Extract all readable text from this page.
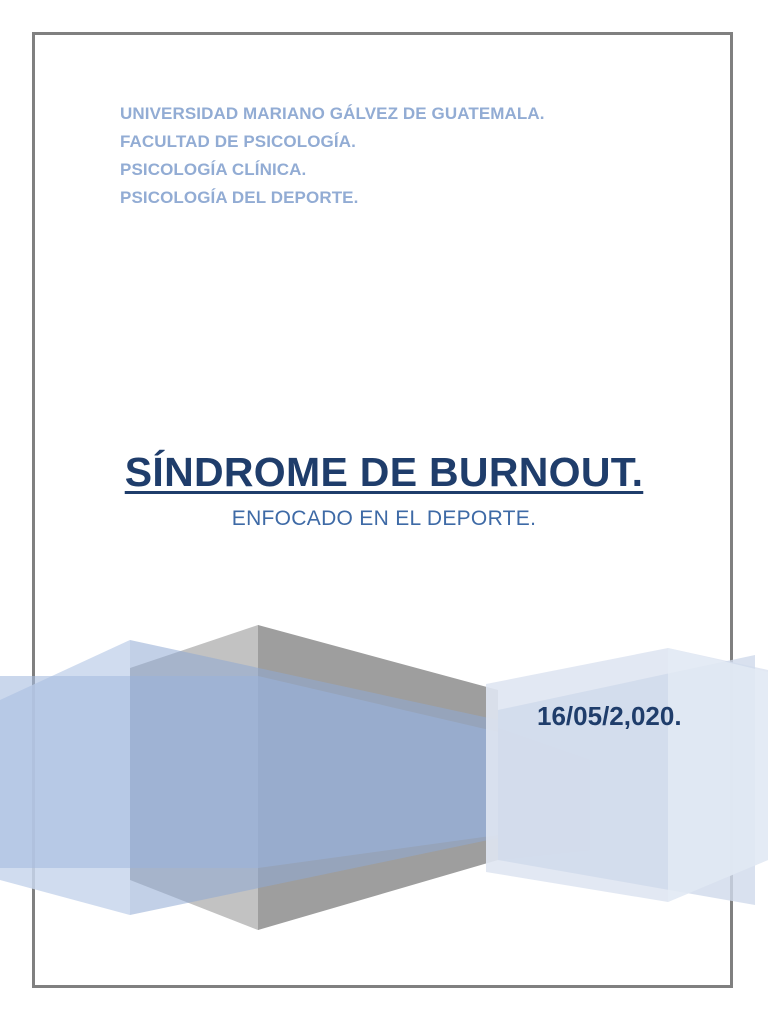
UNIVERSIDAD MARIANO GÁLVEZ DE GUATEMALA.
FACULTAD DE PSICOLOGÍA.
PSICOLOGÍA CLÍNICA.
PSICOLOGÍA DEL DEPORTE.
SÍNDROME DE BURNOUT.
ENFOCADO EN EL DEPORTE.
16/05/2,020.
